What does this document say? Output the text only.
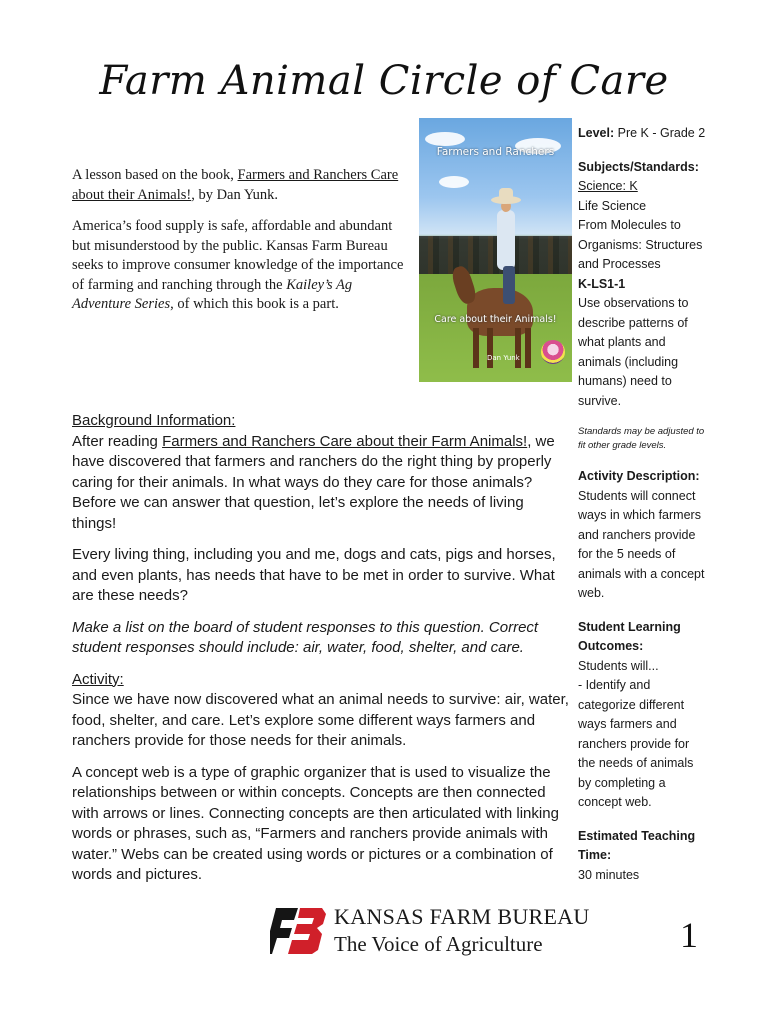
Farm Animal Circle of Care

A lesson based on the book, Farmers and Ranchers Care about their Animals!, by Dan Yunk.

America’s food supply is safe, affordable and abundant but misunderstood by the public. Kansas Farm Bureau seeks to improve consumer knowledge of the importance of farming and ranching through the Kailey’s Ag Adventure Series, of which this book is a part.

Farmers and Ranchers
Care about their Animals!
Dan Yunk

Background Information:
After reading Farmers and Ranchers Care about their Farm Animals!, we have discovered that farmers and ranchers do the right thing by properly caring for their animals. In what ways do they care for those animals? Before we can answer that question, let’s explore the needs of living things!

Every living thing, including you and me, dogs and cats, pigs and horses, and even plants, has needs that have to be met in order to survive. What are these needs?

Make a list on the board of student responses to this question. Correct student responses should include: air, water, food, shelter, and care.

Activity:
Since we have now discovered what an animal needs to survive: air, water, food, shelter, and care. Let’s explore some different ways farmers and ranchers provide for those needs for their animals.

A concept web is a type of graphic organizer that is used to visualize the relationships between or within concepts. Concepts are then connected with arrows or lines. Connecting concepts are then articulated with linking words or phrases, such as, “Farmers and ranchers provide animals with water.” Webs can be created using words or pictures or a combination of words and pictures.

Level: Pre K - Grade 2
Subjects/Standards:
Science: K
Life Science
From Molecules to Organisms: Structures and Processes
K-LS1-1
Use observations to describe patterns of what plants and animals (including humans) need to survive.
Standards may be adjusted to fit other grade levels.
Activity Description:
Students will connect ways in which farmers and ranchers provide for the 5 needs of animals with a concept web.
Student Learning Outcomes:
Students will...
- Identify and categorize different ways farmers and ranchers provide for the needs of animals by completing a concept web.
Estimated Teaching Time:
30 minutes
KANSAS FARM BUREAU
The Voice of Agriculture	1
